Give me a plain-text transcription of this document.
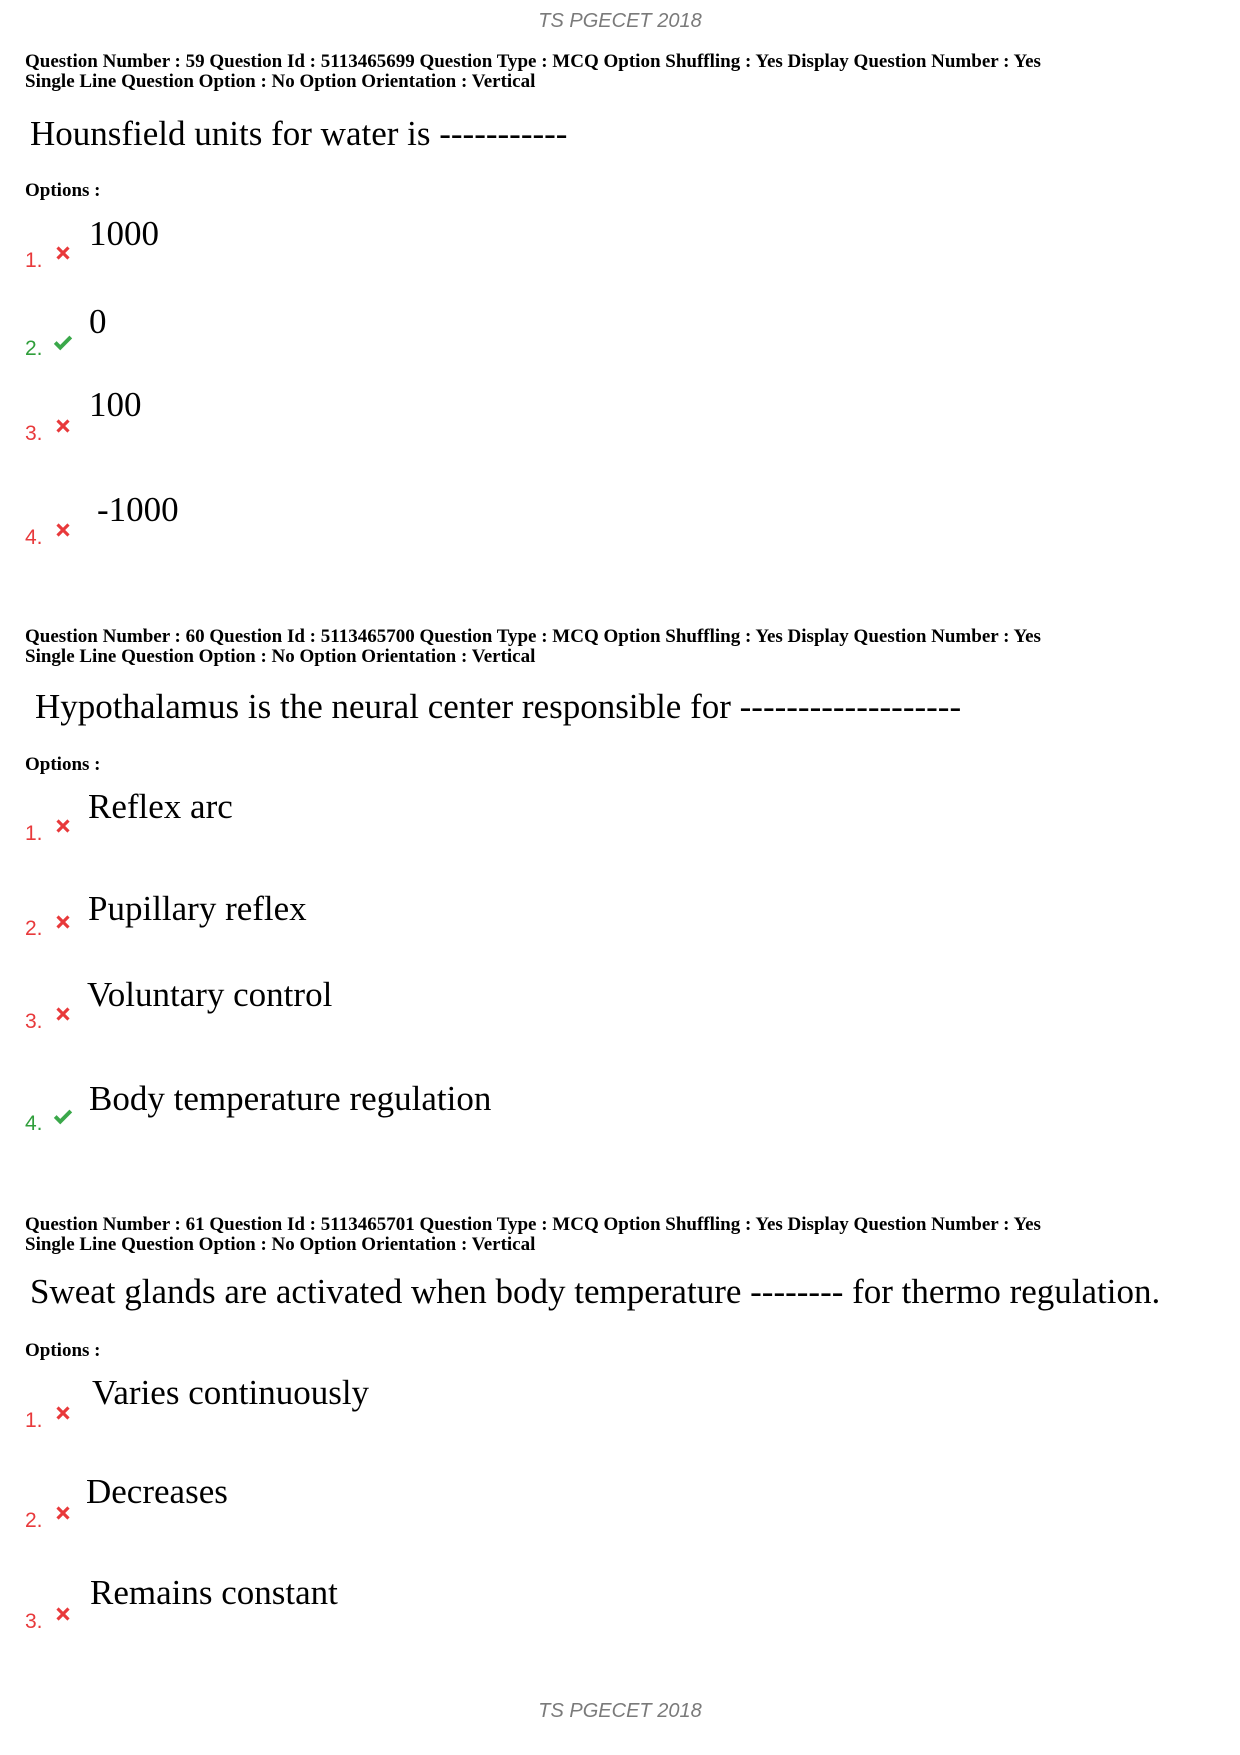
TS PGECET 2018
Question Number : 59 Question Id : 5113465699 Question Type : MCQ Option Shuffling : Yes Display Question Number : Yes
Single Line Question Option : No Option Orientation : Vertical
Hounsfield units for water is -----------
Options :
1.
1000
2.
0
3.
100
4.
-1000
Question Number : 60 Question Id : 5113465700 Question Type : MCQ Option Shuffling : Yes Display Question Number : Yes
Single Line Question Option : No Option Orientation : Vertical
Hypothalamus is the neural center responsible for -------------------
Options :
1.
Reflex arc
2.
Pupillary reflex
3.
Voluntary control
4.
Body temperature regulation
Question Number : 61 Question Id : 5113465701 Question Type : MCQ Option Shuffling : Yes Display Question Number : Yes
Single Line Question Option : No Option Orientation : Vertical
Sweat glands are activated when body temperature -------- for thermo regulation.
Options :
1.
Varies continuously
2.
Decreases
3.
Remains constant
TS PGECET 2018
